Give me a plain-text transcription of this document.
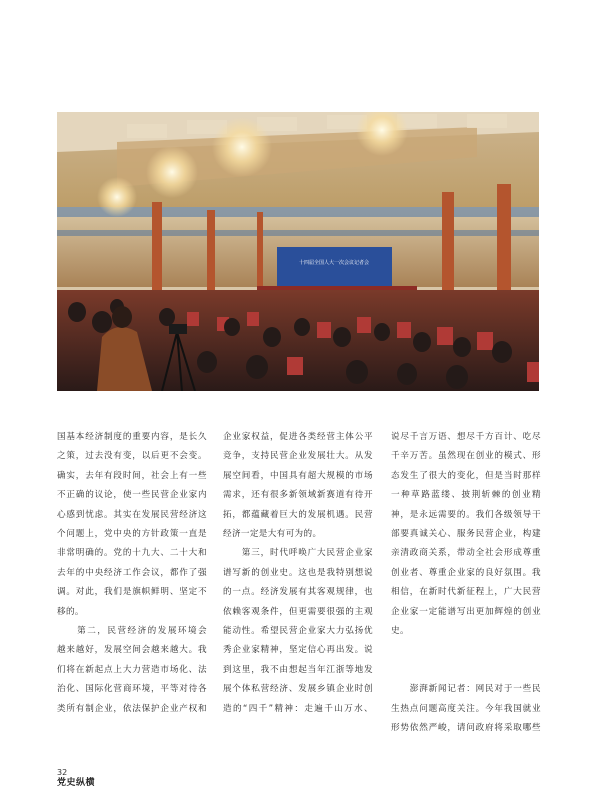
十四届全国人大一次会议记者会

国基本经济制度的重要内容，是长久

之策，过去没有变，以后更不会变。

确实，去年有段时间，社会上有一些

不正确的议论，使一些民营企业家内

心感到忧虑。其实在发展民营经济这

个问题上，党中央的方针政策一直是

非常明确的。党的十九大、二十大和

去年的中央经济工作会议，都作了强

调。对此，我们是旗帜鲜明、坚定不

移的。

　　第二，民营经济的发展环境会

越来越好，发展空间会越来越大。我

们将在新起点上大力营造市场化、法

治化、国际化营商环境，平等对待各

类所有制企业，依法保护企业产权和

企业家权益，促进各类经营主体公平

竞争，支持民营企业发展壮大。从发

展空间看，中国具有超大规模的市场

需求，还有很多新领域新赛道有待开

拓，都蕴藏着巨大的发展机遇。民营

经济一定是大有可为的。

　　第三，时代呼唤广大民营企业家

谱写新的创业史。这也是我特别想说

的一点。经济发展有其客观规律，也

依赖客观条件，但更需要很强的主观

能动性。希望民营企业家大力弘扬优

秀企业家精神，坚定信心再出发。说

到这里，我不由想起当年江浙等地发

展个体私营经济、发展乡镇企业时创

造的“四千”精神：走遍千山万水、

说尽千言万语、想尽千方百计、吃尽

千辛万苦。虽然现在创业的模式、形

态发生了很大的变化，但是当时那样

一种草路蓝缕、披荆斩棘的创业精

神，是永远需要的。我们各级领导干

部要真诚关心、服务民营企业，构建

亲清政商关系，带动全社会形成尊重

创业者、尊重企业家的良好氛围。我

相信，在新时代新征程上，广大民营

企业家一定能谱写出更加辉煌的创业

史。

　　澎湃新闻记者：网民对于一些民

生热点问题高度关注。今年我国就业

形势依然严峻，请问政府将采取哪些

32
党史纵横
